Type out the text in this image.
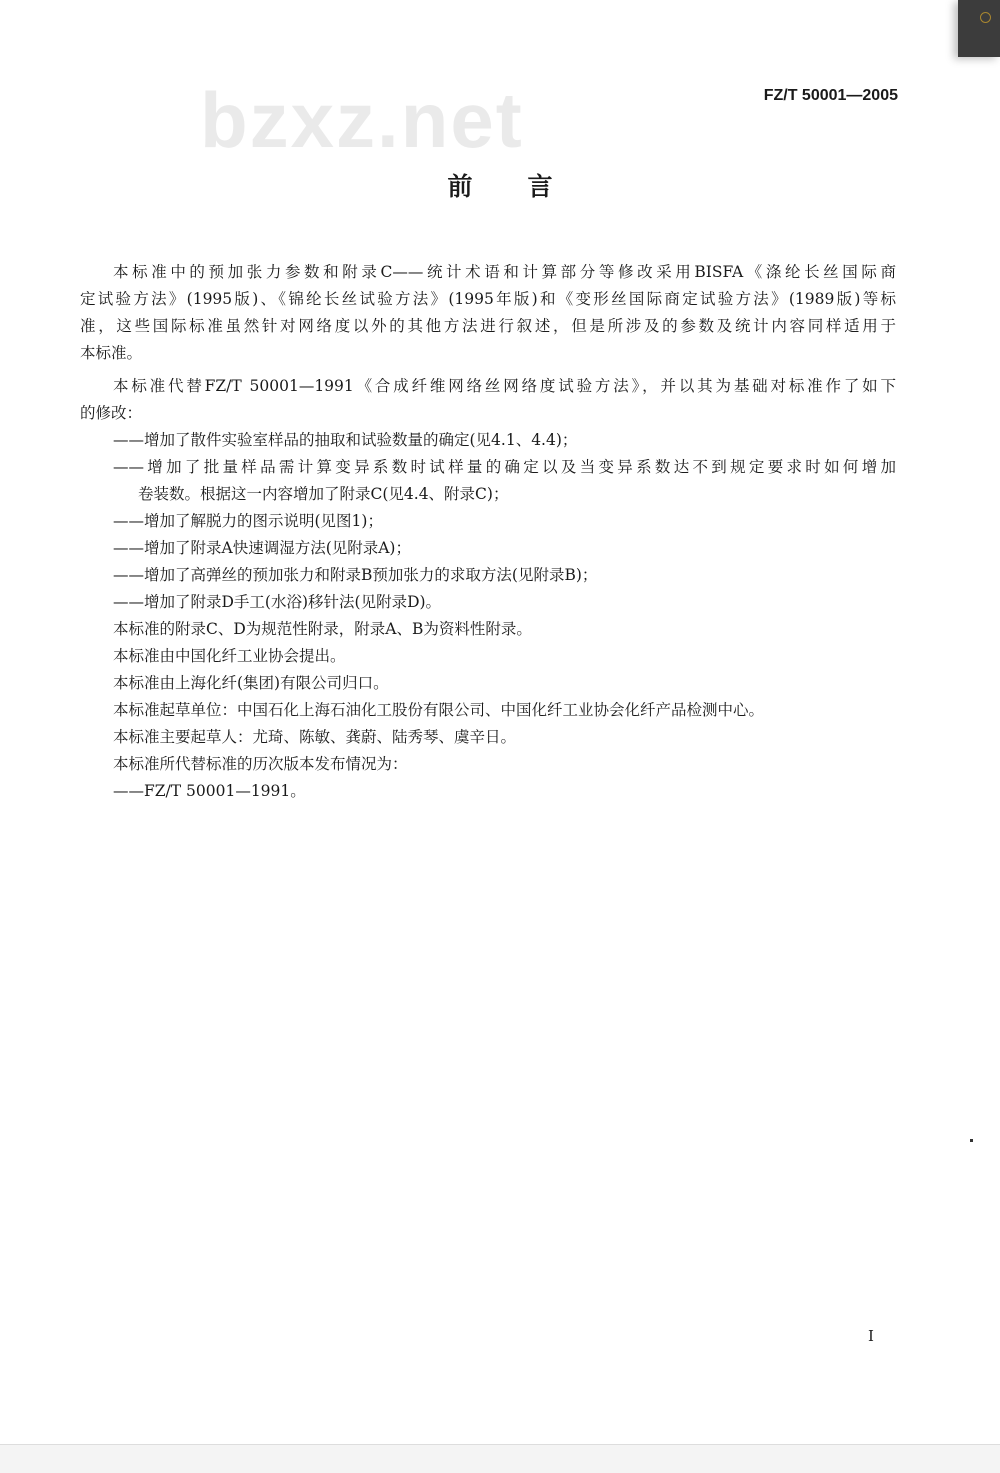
bzxz.net	FZ/T 50001—2005
前言
本标准中的预加张力参数和附录C——统计术语和计算部分等修改采用BISFA《涤纶长丝国际商
定试验方法》(1995版)、《锦纶长丝试验方法》(1995年版)和《变形丝国际商定试验方法》(1989版)等标
准，这些国际标准虽然针对网络度以外的其他方法进行叙述，但是所涉及的参数及统计内容同样适用于
本标准。
本标准代替FZ/T 50001—1991《合成纤维网络丝网络度试验方法》，并以其为基础对标准作了如下
的修改：
——增加了散件实验室样品的抽取和试验数量的确定(见4.1、4.4)；
——增加了批量样品需计算变异系数时试样量的确定以及当变异系数达不到规定要求时如何增加
卷装数。根据这一内容增加了附录C(见4.4、附录C)；
——增加了解脱力的图示说明(见图1)；
——增加了附录A快速调湿方法(见附录A)；
——增加了高弹丝的预加张力和附录B预加张力的求取方法(见附录B)；
——增加了附录D手工(水浴)移针法(见附录D)。
本标准的附录C、D为规范性附录，附录A、B为资料性附录。
本标准由中国化纤工业协会提出。
本标准由上海化纤(集团)有限公司归口。
本标准起草单位：中国石化上海石油化工股份有限公司、中国化纤工业协会化纤产品检测中心。
本标准主要起草人：尤琦、陈敏、龚蔚、陆秀琴、虞辛日。
本标准所代替标准的历次版本发布情况为：
——FZ/T 50001—1991。
I
